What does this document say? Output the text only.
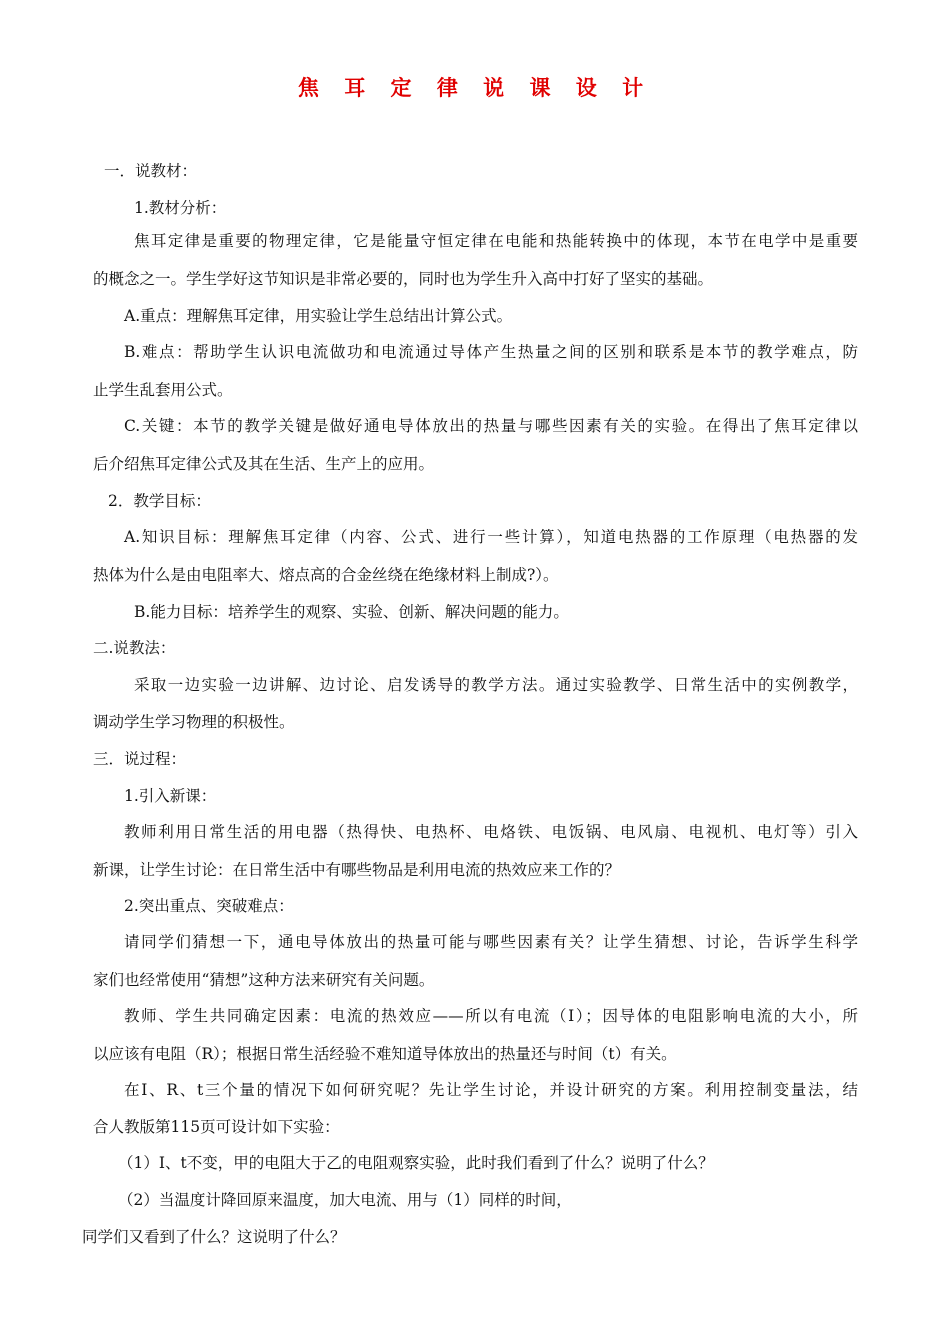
焦 耳 定 律 说 课 设 计
一．说教材：
1.教材分析：
焦耳定律是重要的物理定律，它是能量守恒定律在电能和热能转换中的体现，本节在电学中是重要
的概念之一。学生学好这节知识是非常必要的，同时也为学生升入高中打好了坚实的基础。
A.重点：理解焦耳定律，用实验让学生总结出计算公式。
B.难点：帮助学生认识电流做功和电流通过导体产生热量之间的区别和联系是本节的教学难点，防
止学生乱套用公式。
C.关键：本节的教学关键是做好通电导体放出的热量与哪些因素有关的实验。在得出了焦耳定律以
后介绍焦耳定律公式及其在生活、生产上的应用。
2．教学目标：
A.知识目标：理解焦耳定律（内容、公式、进行一些计算），知道电热器的工作原理（电热器的发
热体为什么是由电阻率大、熔点高的合金丝绕在绝缘材料上制成?）。
B.能力目标：培养学生的观察、实验、创新、解决问题的能力。
二.说教法：
采取一边实验一边讲解、边讨论、启发诱导的教学方法。通过实验教学、日常生活中的实例教学，
调动学生学习物理的积极性。
三．说过程：
1.引入新课：
教师利用日常生活的用电器（热得快、电热杯、电烙铁、电饭锅、电风扇、电视机、电灯等）引入
新课，让学生讨论：在日常生活中有哪些物品是利用电流的热效应来工作的？
2.突出重点、突破难点：
请同学们猜想一下，通电导体放出的热量可能与哪些因素有关？让学生猜想、讨论，告诉学生科学
家们也经常使用“猜想”这种方法来研究有关问题。
教师、学生共同确定因素：电流的热效应——所以有电流（I）；因导体的电阻影响电流的大小，所
以应该有电阻（R）；根据日常生活经验不难知道导体放出的热量还与时间（t）有关。
在I、R、t三个量的情况下如何研究呢？先让学生讨论，并设计研究的方案。利用控制变量法，结
合人教版第115页可设计如下实验：
（1）I、t不变，甲的电阻大于乙的电阻观察实验，此时我们看到了什么？说明了什么？
（2）当温度计降回原来温度，加大电流、用与（1）同样的时间，
同学们又看到了什么？这说明了什么？
